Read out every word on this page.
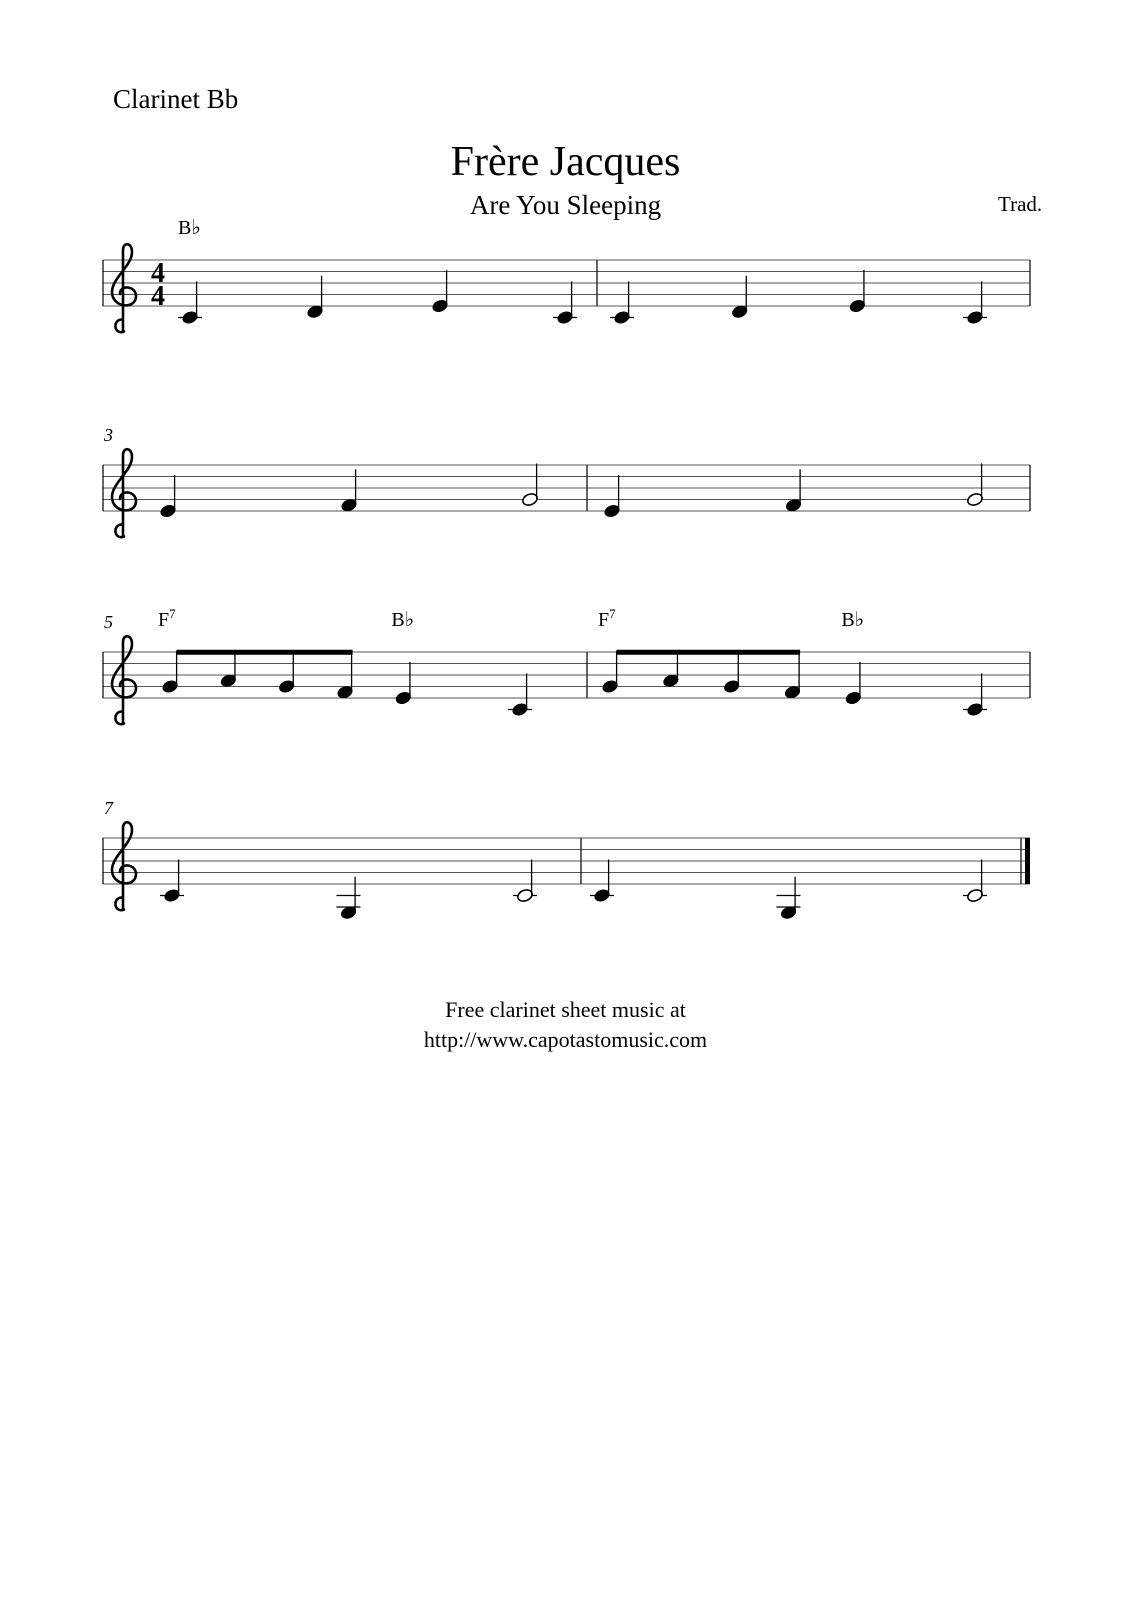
Clarinet Bb
Frère Jacques
Are You Sleeping	Trad.
4
4
B♭
3
5 $F^7$	B♭	$F^7$	B♭
7
Free clarinet sheet music at
http://www.capotastomusic.com
